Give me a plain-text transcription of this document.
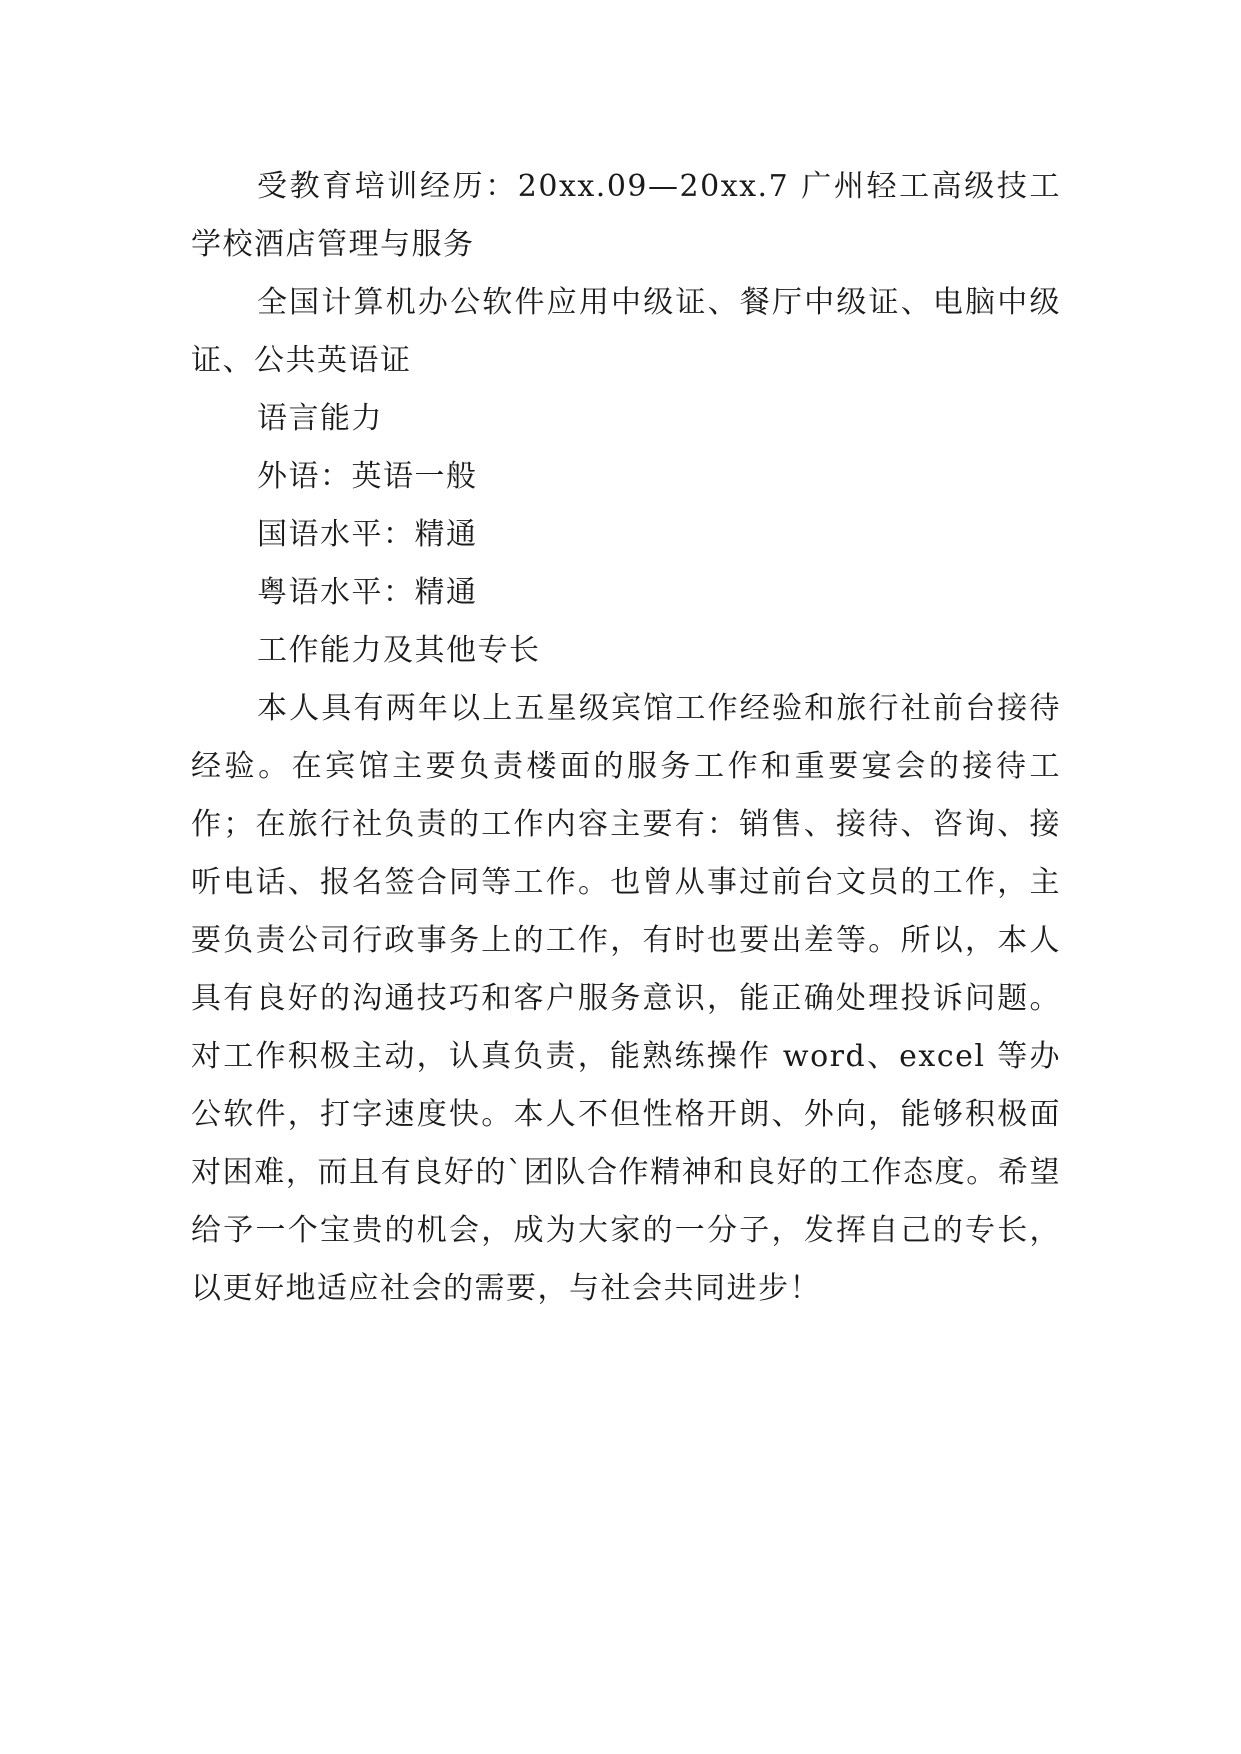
受教育培训经历：20xx.09—20xx.7 广州轻工高级技工学校酒店管理与服务

全国计算机办公软件应用中级证、餐厅中级证、电脑中级证、公共英语证

语言能力

外语：英语一般

国语水平：精通

粤语水平：精通

工作能力及其他专长

本人具有两年以上五星级宾馆工作经验和旅行社前台接待经验。在宾馆主要负责楼面的服务工作和重要宴会的接待工作；在旅行社负责的工作内容主要有：销售、接待、咨询、接听电话、报名签合同等工作。也曾从事过前台文员的工作，主要负责公司行政事务上的工作，有时也要出差等。所以，本人具有良好的沟通技巧和客户服务意识，能正确处理投诉问题。对工作积极主动，认真负责，能熟练操作 word、excel 等办公软件，打字速度快。本人不但性格开朗、外向，能够积极面对困难，而且有良好的`团队合作精神和良好的工作态度。希望给予一个宝贵的机会，成为大家的一分子，发挥自己的专长，以更好地适应社会的需要，与社会共同进步！
